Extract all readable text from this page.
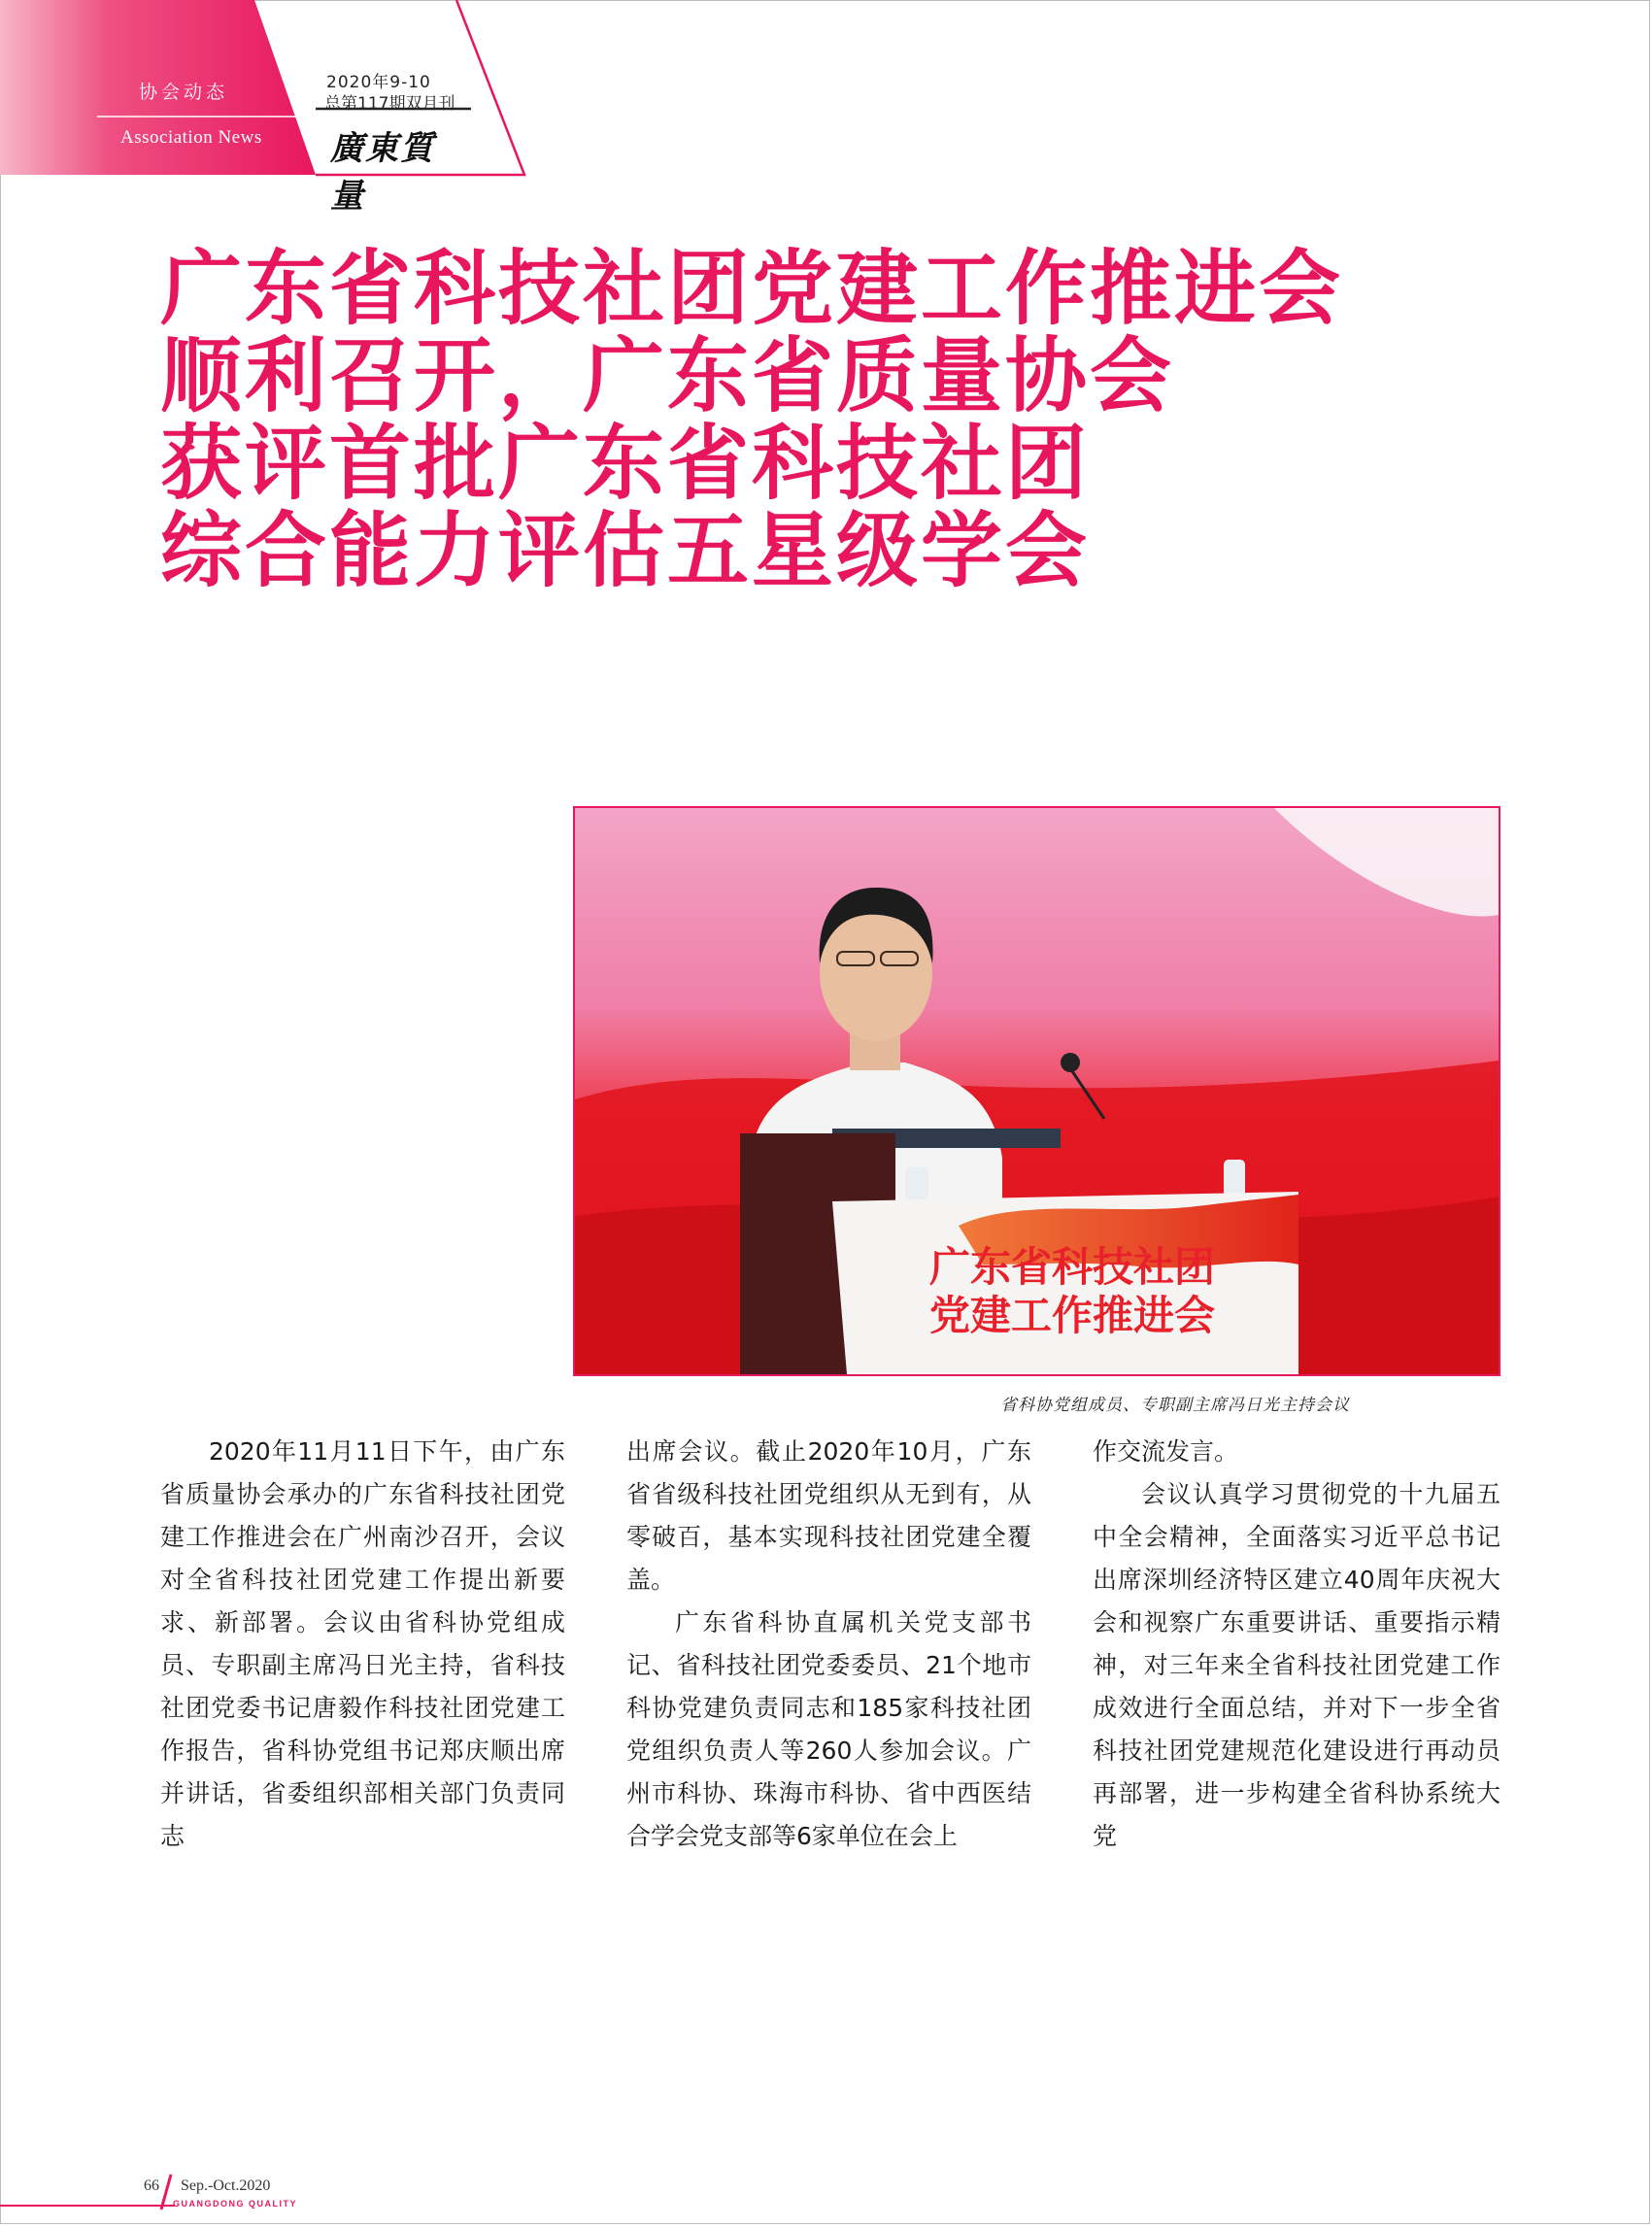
协会动态
Association News
2020年9-10
总第117期双月刊
廣東質量
广东省科技社团党建工作推进会
顺利召开，广东省质量协会
获评首批广东省科技社团
综合能力评估五星级学会
广东省科技社团
党建工作推进会
省科协党组成员、专职副主席冯日光主持会议

2020年11月11日下午，由广东省质量协会承办的广东省科技社团党建工作推进会在广州南沙召开，会议对全省科技社团党建工作提出新要求、新部署。会议由省科协党组成员、专职副主席冯日光主持，省科技社团党委书记唐毅作科技社团党建工作报告，省科协党组书记郑庆顺出席并讲话，省委组织部相关部门负责同志

出席会议。截止2020年10月，广东省省级科技社团党组织从无到有，从零破百，基本实现科技社团党建全覆盖。

广东省科协直属机关党支部书记、省科技社团党委委员、21个地市科协党建负责同志和185家科技社团党组织负责人等260人参加会议。广州市科协、珠海市科协、省中西医结合学会党支部等6家单位在会上

作交流发言。

会议认真学习贯彻党的十九届五中全会精神，全面落实习近平总书记出席深圳经济特区建立40周年庆祝大会和视察广东重要讲话、重要指示精神，对三年来全省科技社团党建工作成效进行全面总结，并对下一步全省科技社团党建规范化建设进行再动员再部署，进一步构建全省科协系统大党

66 Sep.-Oct.2020
GUANGDONG QUALITY
